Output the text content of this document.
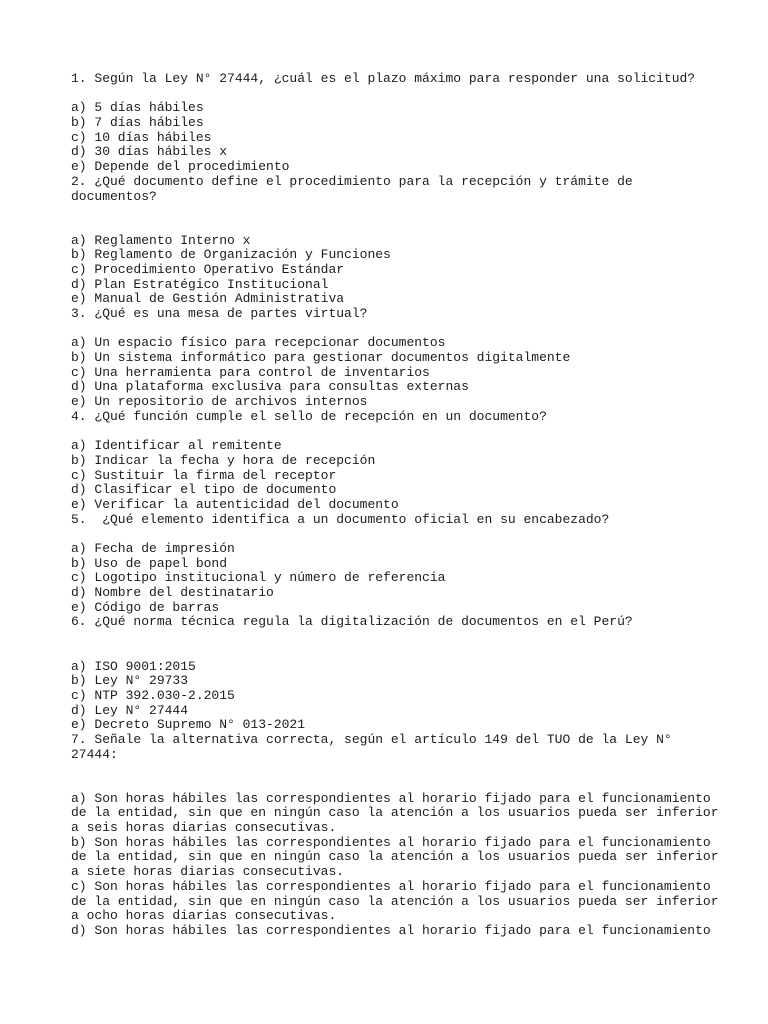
1. Según la Ley N° 27444, ¿cuál es el plazo máximo para responder una solicitud?
a) 5 días hábiles
b) 7 días hábiles
c) 10 días hábiles
d) 30 días hábiles x
e) Depende del procedimiento
2. ¿Qué documento define el procedimiento para la recepción y trámite de
documentos?
a) Reglamento Interno x
b) Reglamento de Organización y Funciones
c) Procedimiento Operativo Estándar
d) Plan Estratégico Institucional
e) Manual de Gestión Administrativa
3. ¿Qué es una mesa de partes virtual?
a) Un espacio físico para recepcionar documentos
b) Un sistema informático para gestionar documentos digitalmente
c) Una herramienta para control de inventarios
d) Una plataforma exclusiva para consultas externas
e) Un repositorio de archivos internos
4. ¿Qué función cumple el sello de recepción en un documento?
a) Identificar al remitente
b) Indicar la fecha y hora de recepción
c) Sustituir la firma del receptor
d) Clasificar el tipo de documento
e) Verificar la autenticidad del documento
5.  ¿Qué elemento identifica a un documento oficial en su encabezado?
a) Fecha de impresión
b) Uso de papel bond
c) Logotipo institucional y número de referencia
d) Nombre del destinatario
e) Código de barras
6. ¿Qué norma técnica regula la digitalización de documentos en el Perú?
a) ISO 9001:2015
b) Ley N° 29733
c) NTP 392.030-2.2015
d) Ley N° 27444
e) Decreto Supremo N° 013-2021
7. Señale la alternativa correcta, según el artículo 149 del TUO de la Ley N°
27444:
a) Son horas hábiles las correspondientes al horario fijado para el funcionamiento
de la entidad, sin que en ningún caso la atención a los usuarios pueda ser inferior
a seis horas diarias consecutivas.
b) Son horas hábiles las correspondientes al horario fijado para el funcionamiento
de la entidad, sin que en ningún caso la atención a los usuarios pueda ser inferior
a siete horas diarias consecutivas.
c) Son horas hábiles las correspondientes al horario fijado para el funcionamiento
de la entidad, sin que en ningún caso la atención a los usuarios pueda ser inferior
a ocho horas diarias consecutivas.
d) Son horas hábiles las correspondientes al horario fijado para el funcionamiento
